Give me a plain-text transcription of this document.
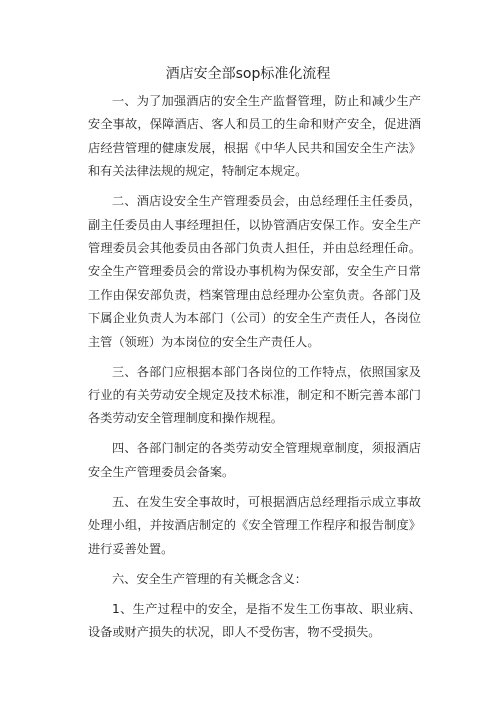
酒店安全部sop标准化流程

一、为了加强酒店的安全生产监督管理，防止和减少生产安全事故，保障酒店、客人和员工的生命和财产安全，促进酒店经营管理的健康发展，根据《中华人民共和国安全生产法》和有关法律法规的规定，特制定本规定。

二、酒店设安全生产管理委员会，由总经理任主任委员，副主任委员由人事经理担任，以协管酒店安保工作。安全生产管理委员会其他委员由各部门负责人担任，并由总经理任命。安全生产管理委员会的常设办事机构为保安部，安全生产日常工作由保安部负责，档案管理由总经理办公室负责。各部门及下属企业负责人为本部门（公司）的安全生产责任人，各岗位主管（领班）为本岗位的安全生产责任人。

三、各部门应根据本部门各岗位的工作特点，依照国家及行业的有关劳动安全规定及技术标准，制定和不断完善本部门各类劳动安全管理制度和操作规程。

四、各部门制定的各类劳动安全管理规章制度，须报酒店安全生产管理委员会备案。

五、在发生安全事故时，可根据酒店总经理指示成立事故处理小组，并按酒店制定的《安全管理工作程序和报告制度》进行妥善处置。

六、安全生产管理的有关概念含义：

1、生产过程中的安全，是指不发生工伤事故、职业病、设备或财产损失的状况，即人不受伤害，物不受损失。
